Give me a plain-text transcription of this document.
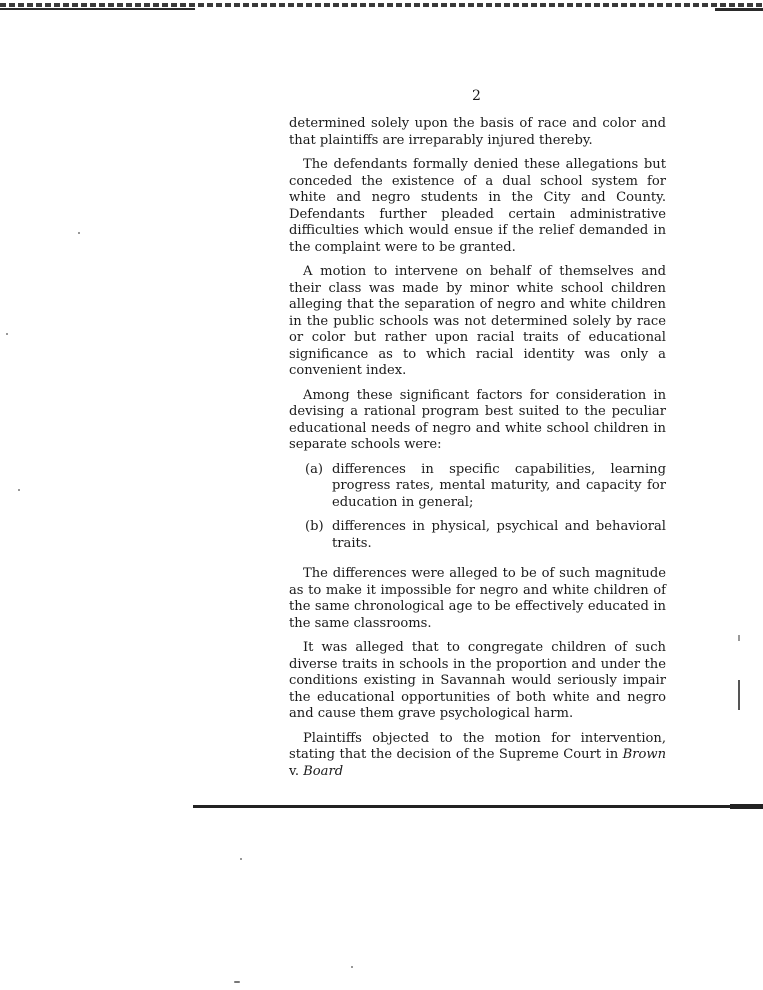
2

determined solely upon the basis of race and color and that plaintiffs are irreparably injured thereby.

The defendants formally denied these allegations but conceded the existence of a dual school system for white and negro students in the City and County. Defendants further pleaded certain administrative difficulties which would ensue if the relief demanded in the complaint were to be granted.

A motion to intervene on behalf of themselves and their class was made by minor white school children alleging that the separation of negro and white children in the public schools was not determined solely by race or color but rather upon racial traits of educational significance as to which racial identity was only a convenient index.

Among these significant factors for consideration in devising a rational program best suited to the peculiar educational needs of negro and white school children in separate schools were:

(a) differences in specific capabilities, learning progress rates, mental maturity, and capacity for education in general;

(b) differences in physical, psychical and behavioral traits.

The differences were alleged to be of such magnitude as to make it impossible for negro and white children of the same chronological age to be effectively educated in the same classrooms.

It was alleged that to congregate children of such diverse traits in schools in the proportion and under the conditions existing in Savannah would seriously impair the educational opportunities of both white and negro and cause them grave psychological harm.

Plaintiffs objected to the motion for intervention, stating that the decision of the Supreme Court in Brown v. Board
